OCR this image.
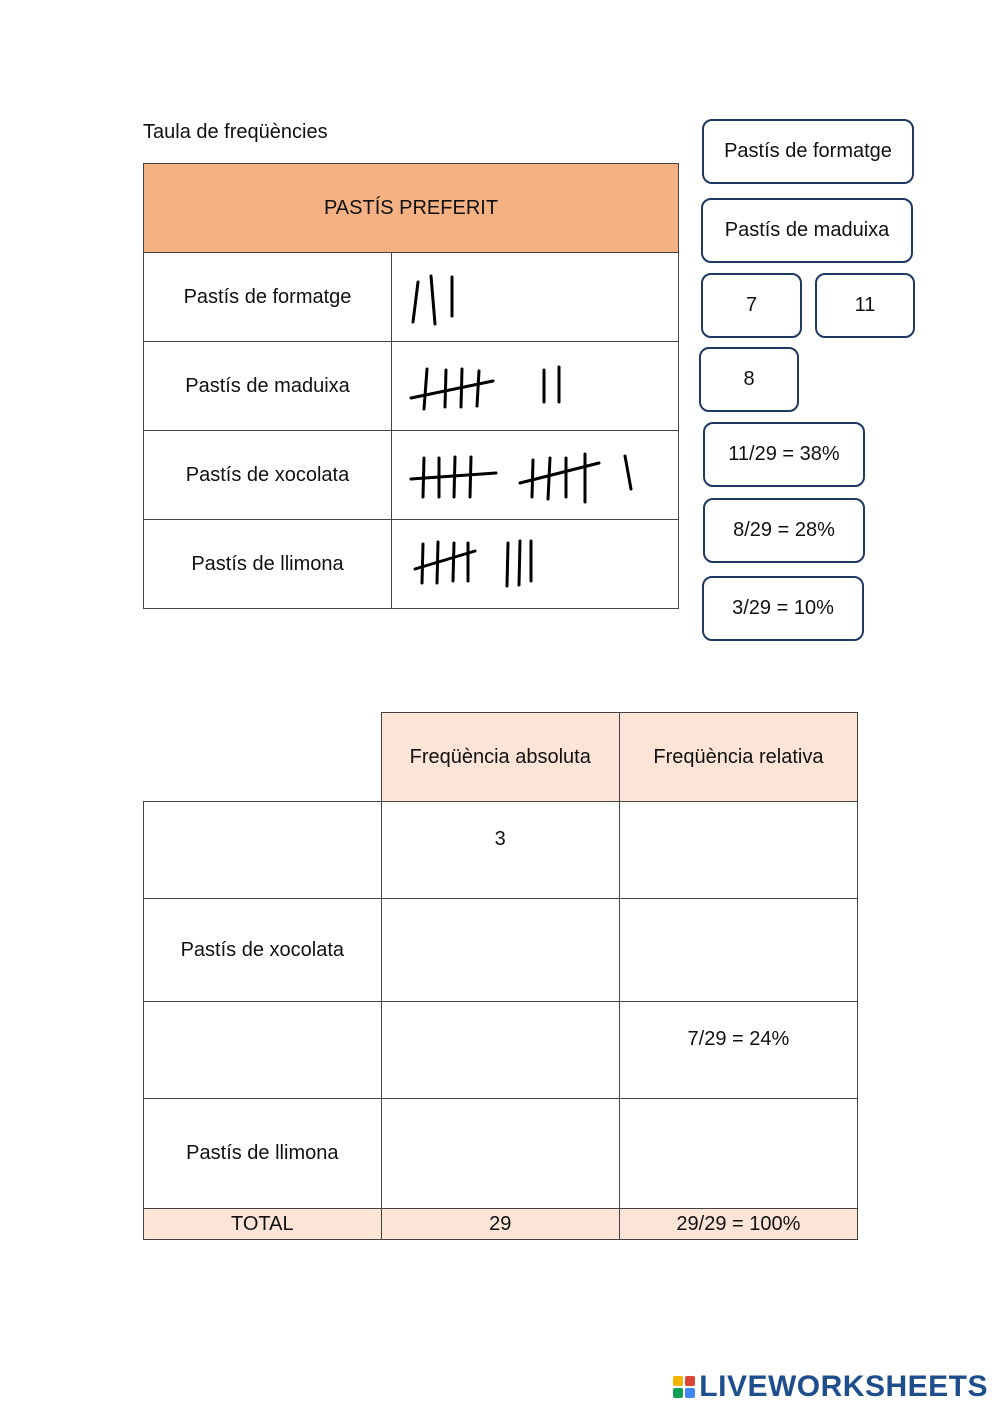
Taula de freqüències
PASTÍS PREFERIT	
Pastís de formatge	

Pastís de maduixa	

Pastís de xocolata	

Pastís de llimona	
Pastís de formatge
Pastís de maduixa
7	11
8
11/29 = 38%
8/29 = 28%
3/29 = 10%
	Freqüència absoluta	Freqüència relativa
	3	
Pastís de xocolata		
		7/29 = 24%
Pastís de llimona		
TOTAL	29	29/29 = 100%
LIVEWORKSHEETS
